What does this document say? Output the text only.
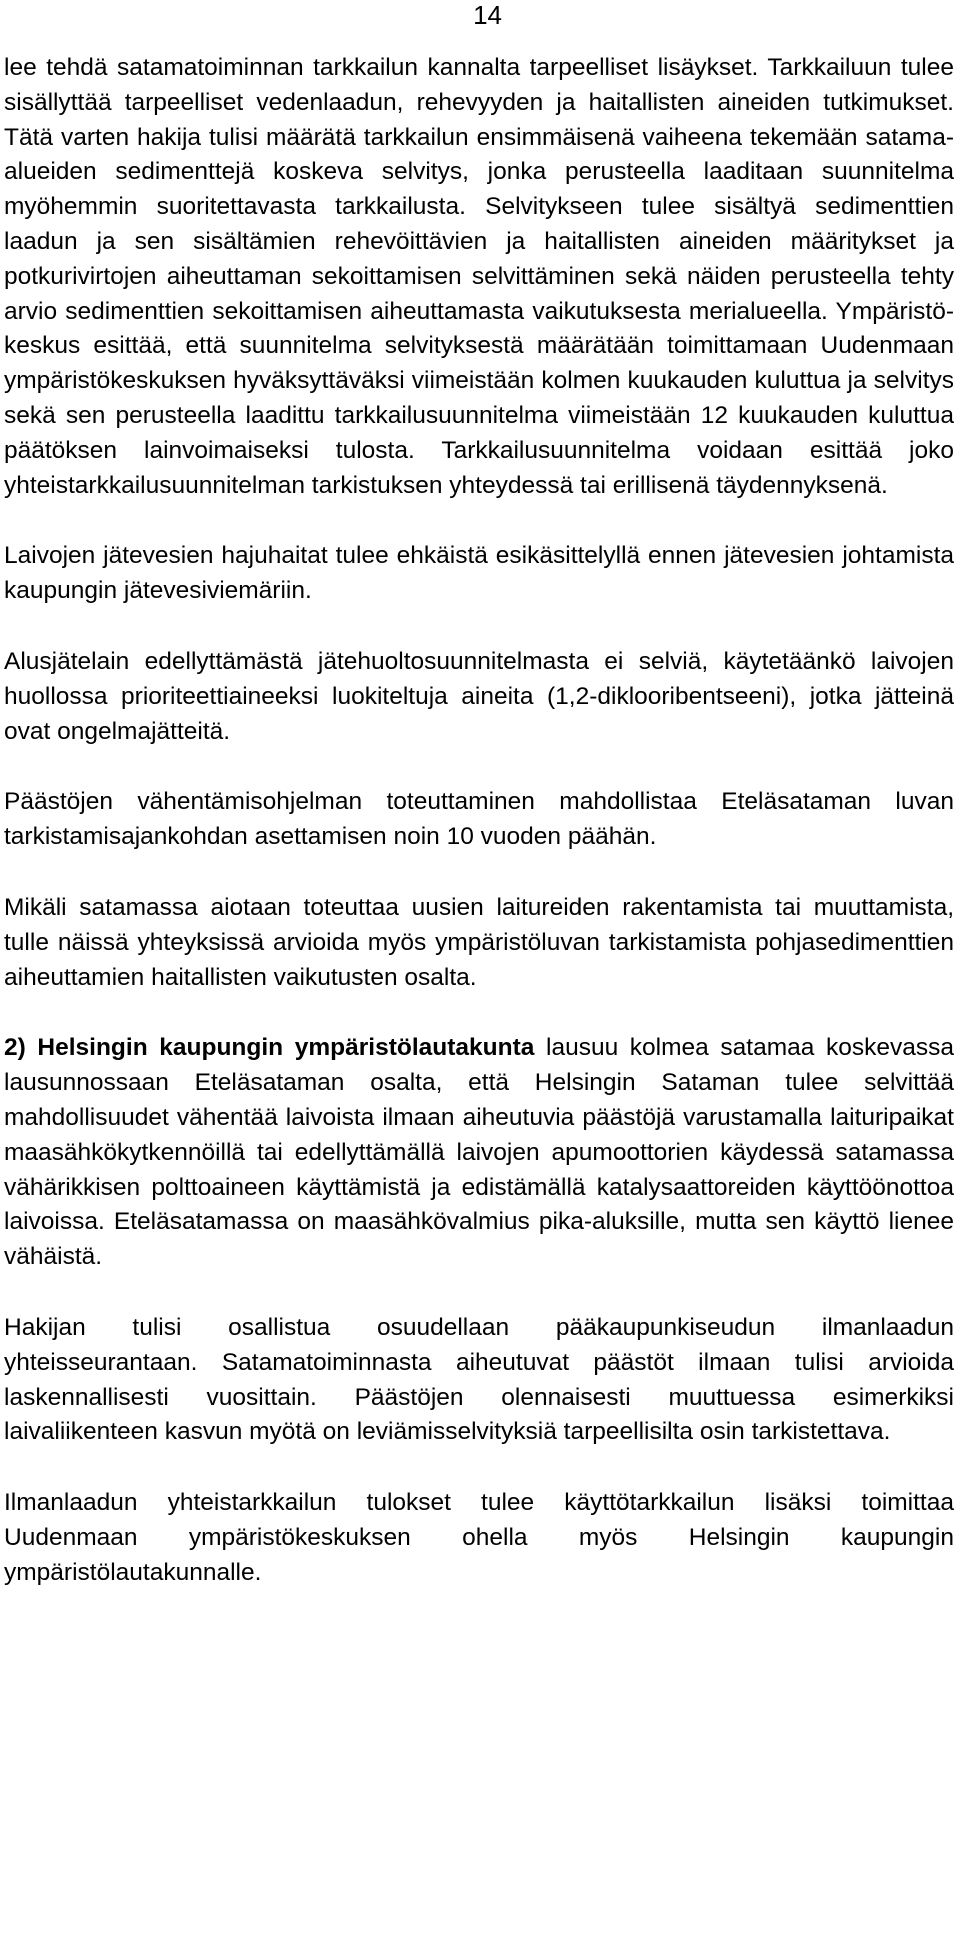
14

lee tehdä satamatoiminnan tarkkailun kannalta tarpeelliset lisäykset. Tarkkailuun tulee sisällyttää tarpeelliset vedenlaadun, rehevyyden ja haitallisten aineiden tutkimukset. Tätä varten hakija tulisi määrätä tarkkailun ensimmäisenä vaiheena tekemään satama-alueiden sedimenttejä koskeva selvitys, jonka perusteella laaditaan suunnitelma myöhemmin suoritettavasta tarkkailusta. Selvitykseen tulee sisältyä sedimenttien laadun ja sen sisältämien rehevöittävien ja haitallisten aineiden määritykset ja potkurivirtojen aiheuttaman sekoittamisen selvittäminen sekä näiden perusteella tehty arvio sedimenttien sekoittamisen aiheuttamasta vaikutuksesta merialueella. Ympäristökeskus esittää, että suunnitelma selvityksestä määrätään toimittamaan Uudenmaan ympäristökeskuksen hyväksyttäväksi viimeistään kolmen kuukauden kuluttua ja selvitys sekä sen perusteella laadittu tarkkailusuunnitelma viimeistään 12 kuukauden kuluttua päätöksen lainvoimaiseksi tulosta. Tarkkailusuunnitelma voidaan esittää joko yhteistarkkailusuunnitelman tarkistuksen yhteydessä tai erillisenä täydennyksenä.

Laivojen jätevesien hajuhaitat tulee ehkäistä esikäsittelyllä ennen jätevesien johtamista kaupungin jätevesiviemäriin.

Alusjätelain edellyttämästä jätehuoltosuunnitelmasta ei selviä, käytetäänkö laivojen huollossa prioriteettiaineeksi luokiteltuja aineita (1,2-diklooribentseeni), jotka jätteinä ovat ongelmajätteitä.

Päästöjen vähentämisohjelman toteuttaminen mahdollistaa Eteläsataman luvan tarkistamisajankohdan asettamisen noin 10 vuoden päähän.

Mikäli satamassa aiotaan toteuttaa uusien laitureiden rakentamista tai muuttamista, tulle näissä yhteyksissä arvioida myös ympäristöluvan tarkistamista pohjasedimenttien aiheuttamien haitallisten vaikutusten osalta.

2) Helsingin kaupungin ympäristölautakunta lausuu kolmea satamaa koskevassa lausunnossaan Eteläsataman osalta, että Helsingin Sataman tulee selvittää mahdollisuudet vähentää laivoista ilmaan aiheutuvia päästöjä varustamalla laituripaikat maasähkökytkennöillä tai edellyttämällä laivojen apumoottorien käydessä satamassa vähärikkisen polttoaineen käyttämistä ja edistämällä katalysaattoreiden käyttöönottoa laivoissa. Eteläsatamassa on maasähkövalmius pika-aluksille, mutta sen käyttö lienee vähäistä.

Hakijan tulisi osallistua osuudellaan pääkaupunkiseudun ilmanlaadun yhteisseurantaan. Satamatoiminnasta aiheutuvat päästöt ilmaan tulisi arvioida laskennallisesti vuosittain. Päästöjen olennaisesti muuttuessa esimerkiksi laivaliikenteen kasvun myötä on leviämisselvityksiä tarpeellisilta osin tarkistettava.

Ilmanlaadun yhteistarkkailun tulokset tulee käyttötarkkailun lisäksi toimittaa Uudenmaan ympäristökeskuksen ohella myös Helsingin kaupungin ympäristölautakunnalle.
